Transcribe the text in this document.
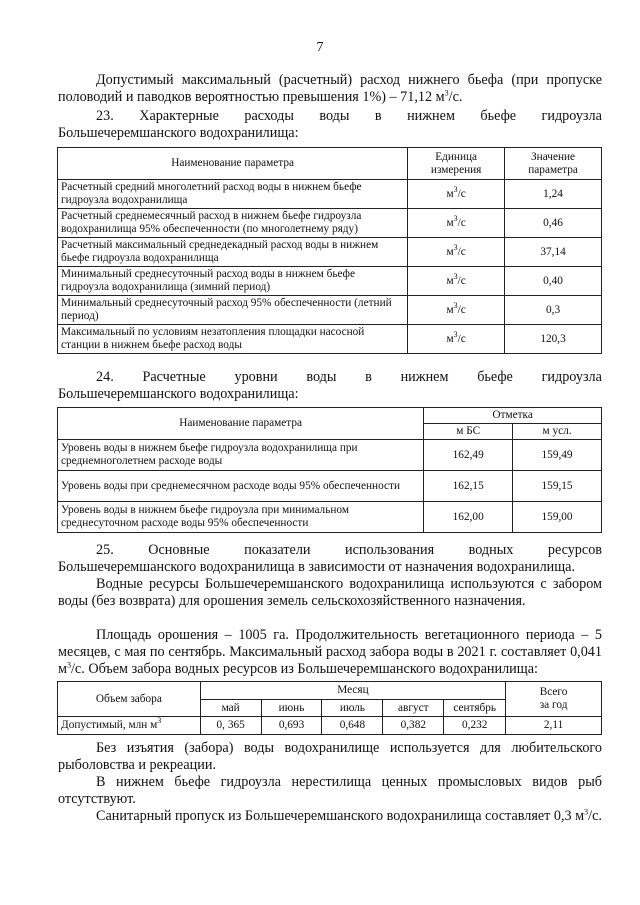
7
Допустимый максимальный (расчетный) расход нижнего бьефа (при пропуске половодий и паводков вероятностью превышения 1%) – 71,12 $м^3/с$.
23. Характерные расходы воды в нижнем бьефе гидроузла
Большечеремшанского водохранилища:
Наименование параметра	Единица измерения	Значение параметра
Расчетный средний многолетний расход воды в нижнем бьефе гидроузла водохранилища	$м^3/с$	1,24
Расчетный среднемесячный расход в нижнем бьефе гидроузла водохранилища 95% обеспеченности (по многолетнему ряду)	$м^3/с$	0,46
Расчетный максимальный среднедекадный расход воды в нижнем бьефе гидроузла водохранилища	$м^3/с$	37,14
Минимальный среднесуточный расход воды в нижнем бьефе гидроузла водохранилища (зимний период)	$м^3/с$	0,40
Минимальный среднесуточный расход 95% обеспеченности (летний период)	$м^3/с$	0,3
Максимальный по условиям незатопления площадки насосной станции в нижнем бьефе расход воды	$м^3/с$	120,3
24. Расчетные уровни воды в нижнем бьефе гидроузла
Большечеремшанского водохранилища:
Наименование параметра	Отметка	
	м БС	м усл.
Уровень воды в нижнем бьефе гидроузла водохранилища при среднемноголетнем расходе воды	162,49	159,49
Уровень воды при среднемесячном расходе воды 95% обеспеченности	162,15	159,15
Уровень воды в нижнем бьефе гидроузла при минимальном среднесуточном расходе воды 95% обеспеченности	162,00	159,00
25. Основные показатели использования водных ресурсов
Большечеремшанского водохранилища в зависимости от назначения водохранилища.
Водные ресурсы Большечеремшанского водохранилища используются с забором воды (без возврата) для орошения земель сельскохозяйственного назначения.
Площадь орошения – 1005 га. Продолжительность вегетационного периода – 5 месяцев, с мая по сентябрь. Максимальный расход забора воды в 2021 г. составляет 0,041 $м^3/с$. Объем забора водных ресурсов из Большечеремшанского водохранилища:
Объем забора	Месяц					Всего
за год
	май	июнь	июль	август	сентябрь	
Допустимый, млн $м^3$	0, 365	0,693	0,648	0,382	0,232	2,11
Без изъятия (забора) воды водохранилище используется для любительского рыболовства и рекреации.
В нижнем бьефе гидроузла нерестилища ценных промысловых видов рыб отсутствуют.
Санитарный пропуск из Большечеремшанского водохранилища составляет 0,3 $м^3/с$.
